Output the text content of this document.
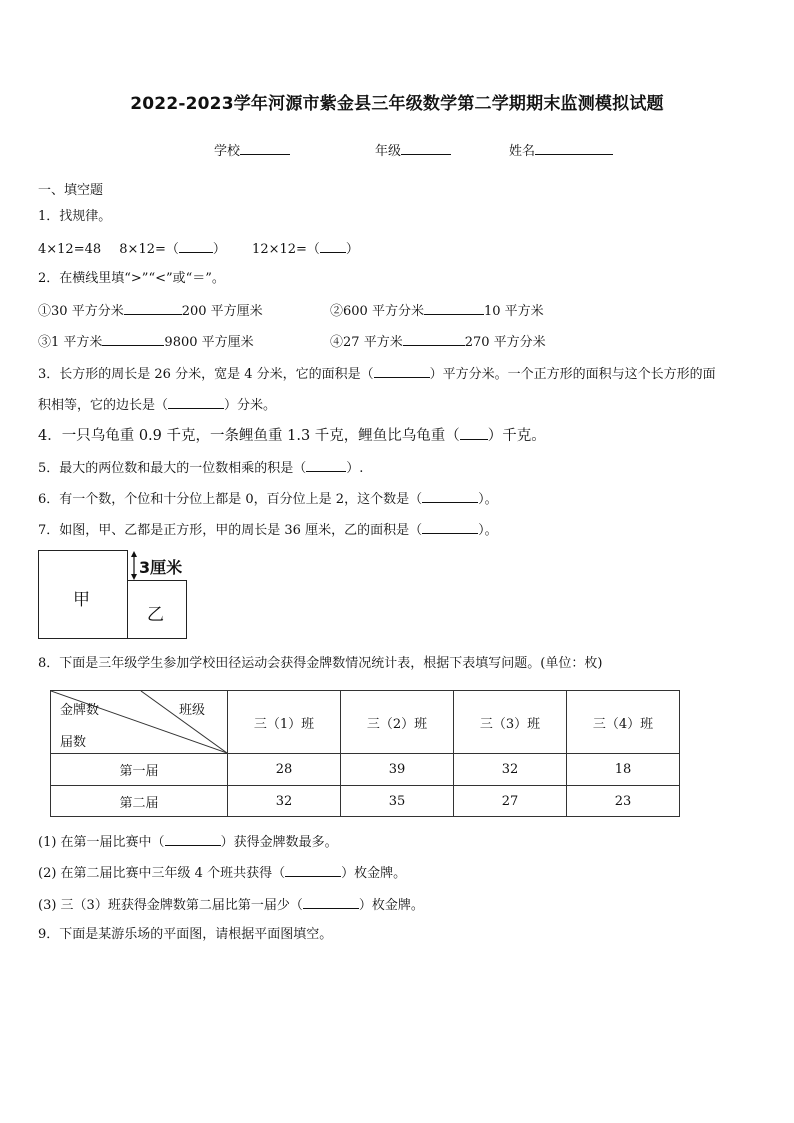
2022-2023学年河源市紫金县三年级数学第二学期期末监测模拟试题
学校	年级	姓名
一、填空题
1．找规律。
4×12=48 8×12=（	） 12×12=（ ）
2．在横线里填“>”“<”或“＝”。
①30 平方分米	200 平方厘米	②600 平方分米	10 平方米
③1 平方米	9800 平方厘米	④27 平方米	270 平方分米
3．长方形的周长是 26 分米，宽是 4 分米，它的面积是（	）平方分米。一个正方形的面积与这个长方形的面
积相等，它的边长是（	）分米。
4．一只乌龟重 0.9 千克，一条鲤鱼重 1.3 千克，鲤鱼比乌龟重（ ）千克。
5．最大的两位数和最大的一位数相乘的积是（	）.
6．有一个数，个位和十分位上都是 0，百分位上是 2，这个数是（	）。
7．如图，甲、乙都是正方形，甲的周长是 36 厘米，乙的面积是（	）。
甲
乙
3厘米
8．下面是三年级学生参加学校田径运动会获得金牌数情况统计表，根据下表填写问题。(单位：枚)
金牌数 班级
届数	三（1）班	三（2）班	三（3）班	三（4）班
第一届	28	39	32	18
第二届	32	35	27	23
(1) 在第一届比赛中（	）获得金牌数最多。
(2) 在第二届比赛中三年级 4 个班共获得（	）枚金牌。
(3) 三（3）班获得金牌数第二届比第一届少（	）枚金牌。
9．下面是某游乐场的平面图，请根据平面图填空。
